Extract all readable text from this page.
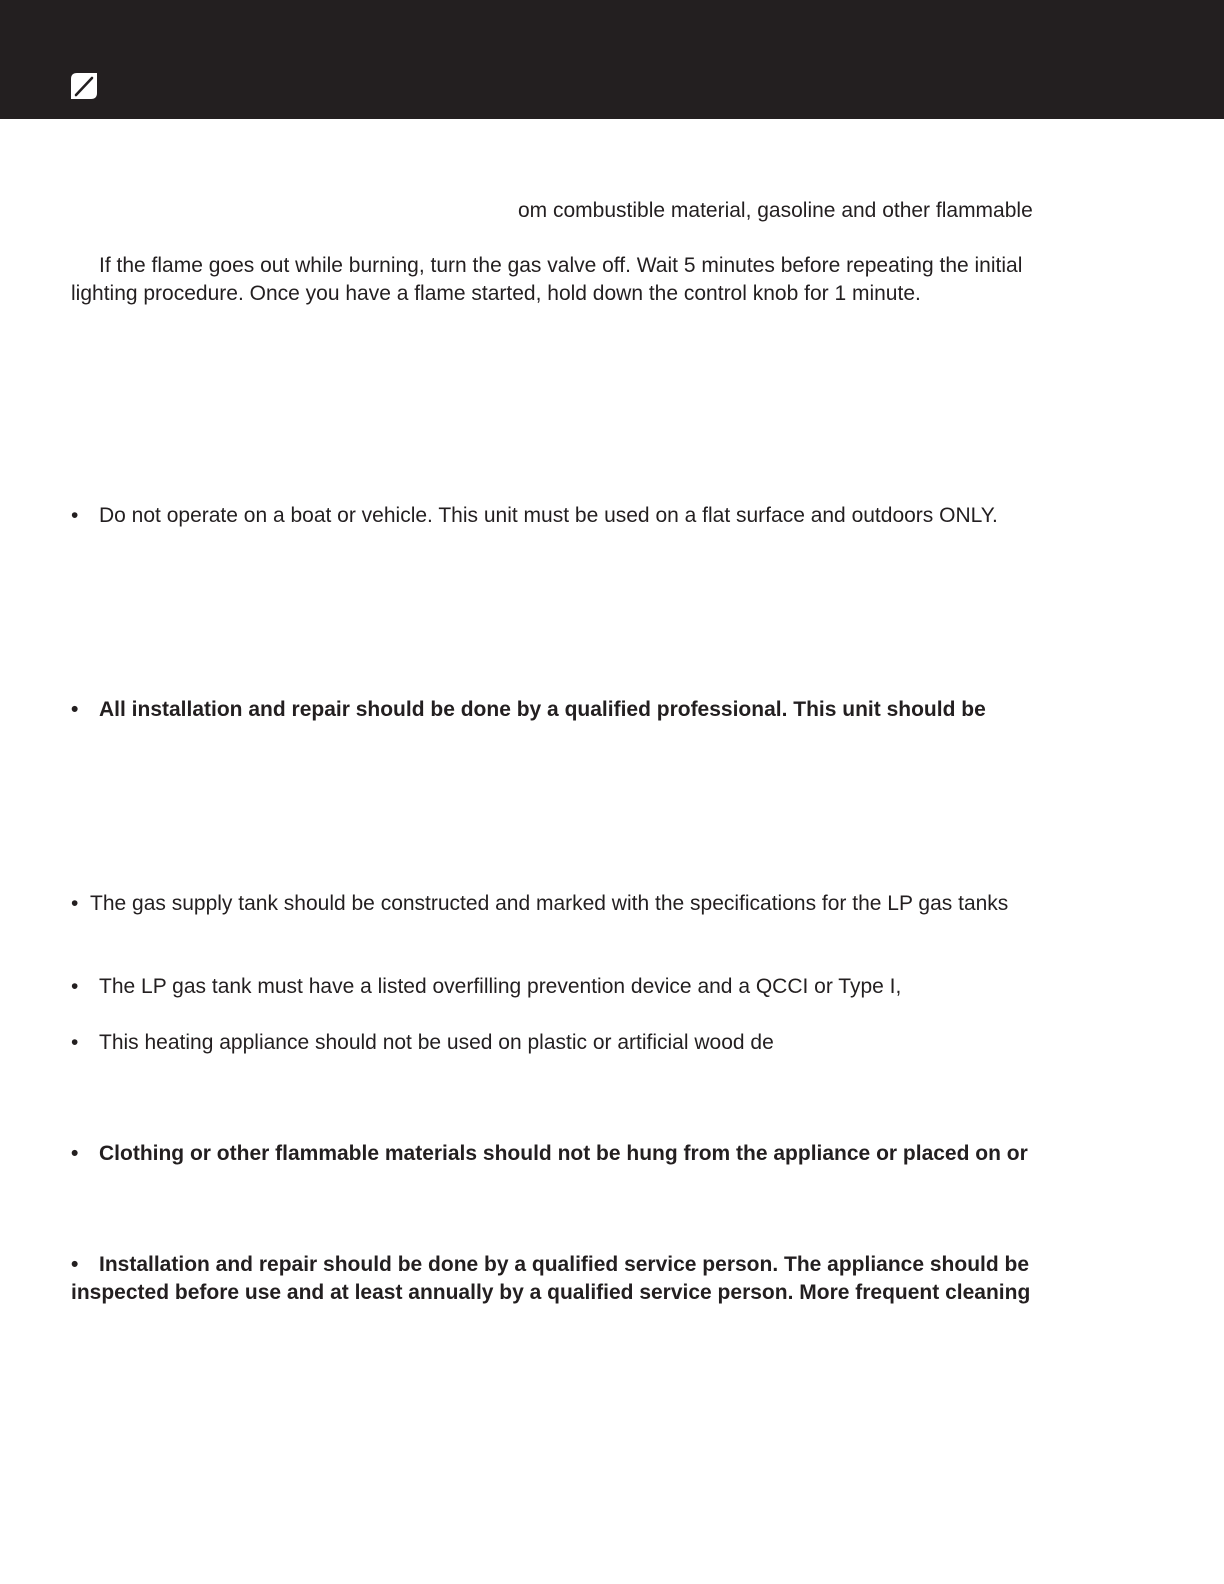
om combustible material, gasoline and other flammable
If the flame goes out while burning, turn the gas valve off. Wait 5 minutes before repeating the initial
lighting procedure. Once you have a flame started, hold down the control knob for 1 minute.
• Do not operate on a boat or vehicle. This unit must be used on a flat surface and outdoors ONLY.
• All installation and repair should be done by a qualified professional. This unit should be
• The gas supply tank should be constructed and marked with the specifications for the LP gas tanks
• The LP gas tank must have a listed overfilling prevention device and a QCCI or Type I,
• This heating appliance should not be used on plastic or artificial wood de
• Clothing or other flammable materials should not be hung from the appliance or placed on or
• Installation and repair should be done by a qualified service person. The appliance should be
inspected before use and at least annually by a qualified service person. More frequent cleaning
